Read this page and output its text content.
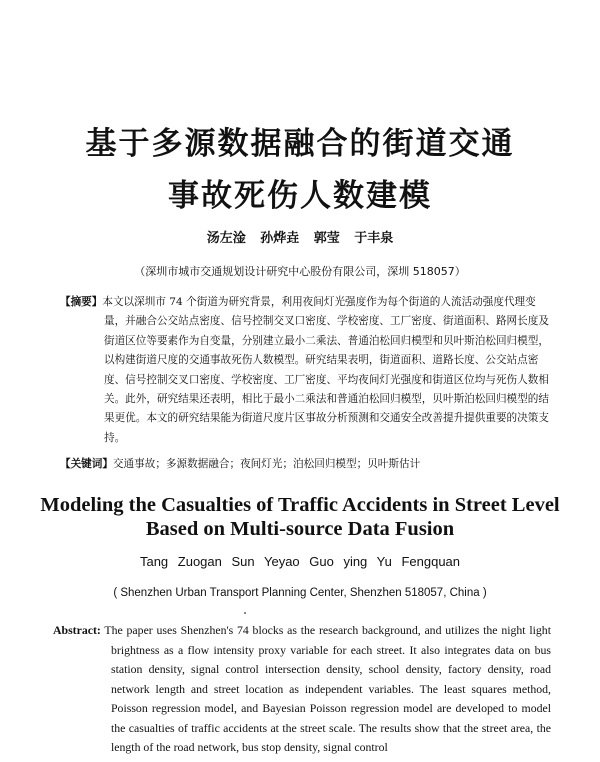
基于多源数据融合的街道交通
事故死伤人数建模
汤左淦 孙烨垚 郭莹 于丰泉
（深圳市城市交通规划设计研究中心股份有限公司，深圳 518057）
【摘要】本文以深圳市 74 个街道为研究背景，利用夜间灯光强度作为每个街道的人流活动强度代理变量，并融合公交站点密度、信号控制交叉口密度、学校密度、工厂密度、街道面积、路网长度及街道区位等要素作为自变量，分别建立最小二乘法、普通泊松回归模型和贝叶斯泊松回归模型，以构建街道尺度的交通事故死伤人数模型。研究结果表明，街道面积、道路长度、公交站点密度、信号控制交叉口密度、学校密度、工厂密度、平均夜间灯光强度和街道区位均与死伤人数相关。此外，研究结果还表明，相比于最小二乘法和普通泊松回归模型，贝叶斯泊松回归模型的结果更优。本文的研究结果能为街道尺度片区事故分析预测和交通安全改善提升提供重要的决策支持。
【关键词】交通事故；多源数据融合；夜间灯光；泊松回归模型；贝叶斯估计
Modeling the Casualties of Traffic Accidents in Street Level
Based on Multi-source Data Fusion
Tang Zuogan Sun Yeyao Guo ying Yu Fengquan
( Shenzhen Urban Transport Planning Center, Shenzhen 518057, China )
Abstract: The paper uses Shenzhen's 74 blocks as the research background, and utilizes the night light brightness as a flow intensity proxy variable for each street. It also integrates data on bus station density, signal control intersection density, school density, factory density, road network length and street location as independent variables. The least squares method, Poisson regression model, and Bayesian Poisson regression model are developed to model the casualties of traffic accidents at the street scale. The results show that the street area, the length of the road network, bus stop density, signal control
